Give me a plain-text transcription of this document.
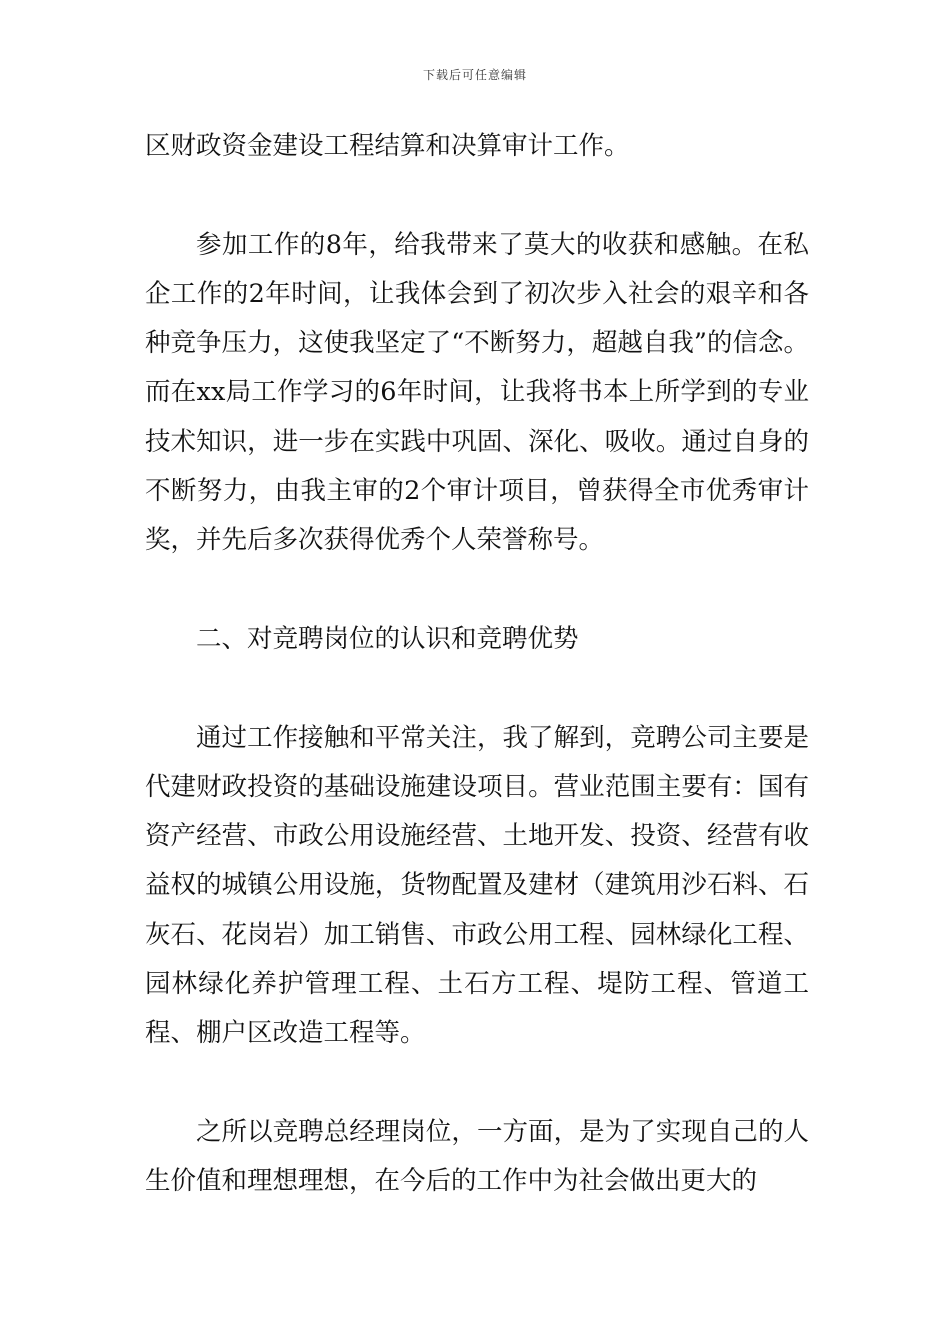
下载后可任意编辑

区财政资金建设工程结算和决算审计工作。

参加工作的8年，给我带来了莫大的收获和感触。在私企工作的2年时间，让我体会到了初次步入社会的艰辛和各种竞争压力，这使我坚定了“不断努力，超越自我”的信念。而在xx局工作学习的6年时间，让我将书本上所学到的专业技术知识，进一步在实践中巩固、深化、吸收。通过自身的不断努力，由我主审的2个审计项目，曾获得全市优秀审计奖，并先后多次获得优秀个人荣誉称号。

二、对竞聘岗位的认识和竞聘优势

通过工作接触和平常关注，我了解到，竞聘公司主要是代建财政投资的基础设施建设项目。营业范围主要有：国有资产经营、市政公用设施经营、土地开发、投资、经营有收益权的城镇公用设施，货物配置及建材（建筑用沙石料、石灰石、花岗岩）加工销售、市政公用工程、园林绿化工程、园林绿化养护管理工程、土石方工程、堤防工程、管道工程、棚户区改造工程等。

之所以竞聘总经理岗位，一方面，是为了实现自己的人生价值和理想理想，在今后的工作中为社会做出更大的
